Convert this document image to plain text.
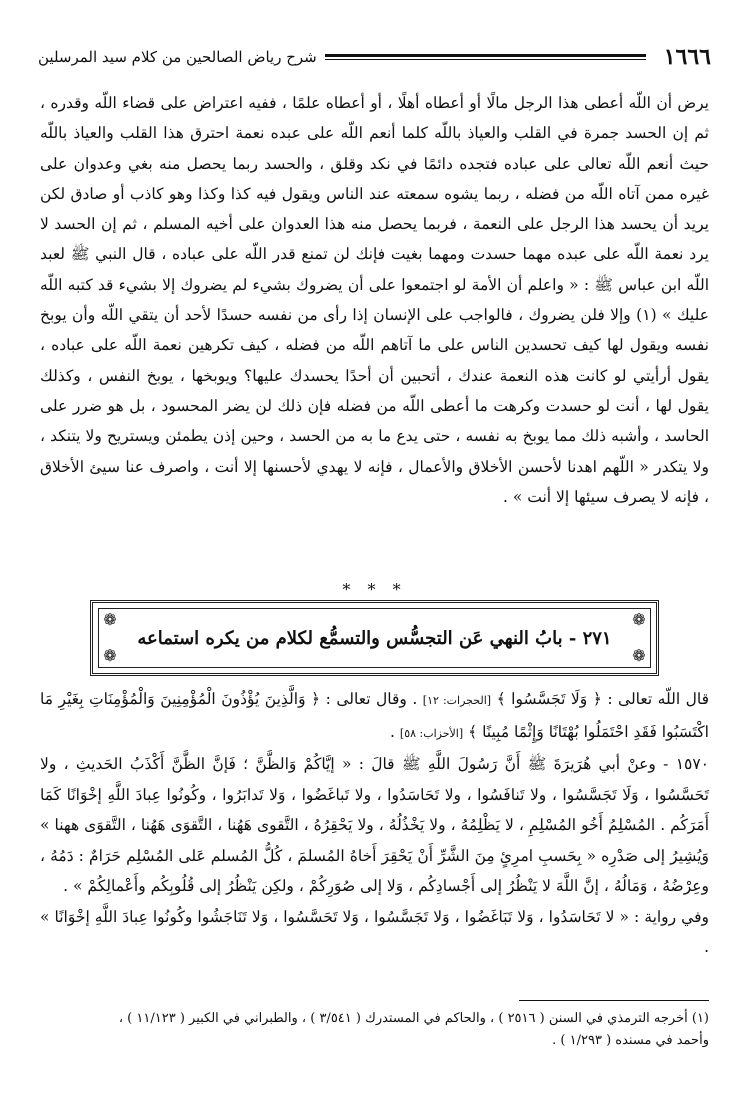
١٦٦٦
شرح رياض الصالحين من كلام سيد المرسلين

يرض أن اللّه أعطى هذا الرجل مالًا أو أعطاه أهلًا ، أو أعطاه علمًا ، ففيه اعتراض على قضاء اللّه وقدره ، ثم إن الحسد جمرة في القلب والعياذ باللّه كلما أنعم اللّه على عبده نعمة احترق هذا القلب والعياذ باللّه حيث أنعم اللّه تعالى على عباده فتجده دائمًا في نكد وقلق ، والحسد ربما يحصل منه بغي وعدوان على غيره ممن آتاه اللّه من فضله ، ربما يشوه سمعته عند الناس ويقول فيه كذا وكذا وهو كاذب أو صادق لكن يريد أن يحسد هذا الرجل على النعمة ، فربما يحصل منه هذا العدوان على أخيه المسلم ، ثم إن الحسد لا يرد نعمة اللّه على عبده مهما حسدت ومهما بغيت فإنك لن تمنع قدر اللّه على عباده ، قال النبي ﷺ لعبد اللّه ابن عباس ﷺ : « واعلم أن الأمة لو اجتمعوا على أن يضروك بشيء لم يضروك إلا بشيء قد كتبه اللّه عليك » (١) وإلا فلن يضروك ، فالواجب على الإنسان إذا رأى من نفسه حسدًا لأحد أن يتقي اللّه وأن يوبخ نفسه ويقول لها كيف تحسدين الناس على ما آتاهم اللّه من فضله ، كيف تكرهين نعمة اللّه على عباده ، يقول أرأيتي لو كانت هذه النعمة عندك ، أتحبين أن أحدًا يحسدك عليها؟ ويوبخها ، يوبخ النفس ، وكذلك يقول لها ، أنت لو حسدت وكرهت ما أعطى اللّه من فضله فإن ذلك لن يضر المحسود ، بل هو ضرر على الحاسد ، وأشبه ذلك مما يوبخ به نفسه ، حتى يدع ما به من الحسد ، وحين إذن يطمئن ويستريح ولا يتنكد ، ولا يتكدر « اللّهم اهدنا لأحسن الأخلاق والأعمال ، فإنه لا يهدي لأحسنها إلا أنت ، واصرف عنا سيئ الأخلاق ، فإنه لا يصرف سيئها إلا أنت » .

* * *
❁	❁
❁	❁
٢٧١ - بابُ النهي عَن التجسُّس والتسمُّع لكلام من يكره استماعه

قال اللّه تعالى : ﴿ وَلَا تَجَسَّسُوا ﴾ [الحجرات: ١٢] . وقال تعالى : ﴿ وَالَّذِينَ يُؤْذُونَ الْمُؤْمِنِينَ وَالْمُؤْمِنَاتِ بِغَيْرِ مَا اكْتَسَبُوا فَقَدِ احْتَمَلُوا بُهْتَانًا وَإِثْمًا مُبِينًا ﴾ [الأحزاب: ٥٨] .

١٥٧٠ - وعنْ أبي هُرَيرَةَ ﷺ أَنَّ رَسُولَ اللَّهِ ﷺ قالَ : « إيَّاكُمْ وَالظَّنَّ ؛ فَإنَّ الظَّنَّ أَكْذَبُ الحَديثِ ، ولا تَحَسَّسُوا ، وَلَا تَجَسَّسُوا ، ولا تَنافَسُوا ، ولا تَحَاسَدُوا ، ولا تَباغَضُوا ، وَلا تَدابَرُوا ، وكُونُوا عِبادَ اللَّهِ إخْوَانًا كَمَا أَمَرَكُم . المُسْلِمُ أَخُو المُسْلِمِ ، لا يَظْلِمُهُ ، ولا يَخْذُلُهُ ، ولا يَحْقِرُهُ ، التَّقوى هَهُنا ، التَّقوَى هَهُنا ، التَّقوَى ههنا » وَيُشِيرُ إلى صَدْرِه « بِحَسبِ امرِئٍ مِنَ الشَّرِّ أَنْ يَحْقِرَ أَخاهُ المُسلمَ ، كُلُّ المُسلم عَلى المُسْلِم حَرَامٌ : دَمُهُ ، وعِرْضُهُ ، وَمَالُهُ ، إنَّ اللَّهَ لا يَنْظُرُ إلى أَجْسادِكُم ، وَلا إلى صُوَرِكُمْ ، ولكِن يَنْظُرُ إلى قُلُوبِكُم وأَعْمالِكُمْ » .

وفي رواية : « لا تَحَاسَدُوا ، وَلا تَبَاغَضُوا ، وَلا تَجَسَّسُوا ، وَلا تَحَسَّسُوا ، وَلا تَنَاجَشُوا وكُونُوا عِبادَ اللَّهِ إخْوَانًا » .

(١) أخرجه الترمذي في السنن ( ٢٥١٦ ) ، والحاكم في المستدرك ( ٣/٥٤١ ) ، والطبراني في الكبير ( ١١/١٢٣ ) ،
وأحمد في مسنده ( ١/٢٩٣ ) .
